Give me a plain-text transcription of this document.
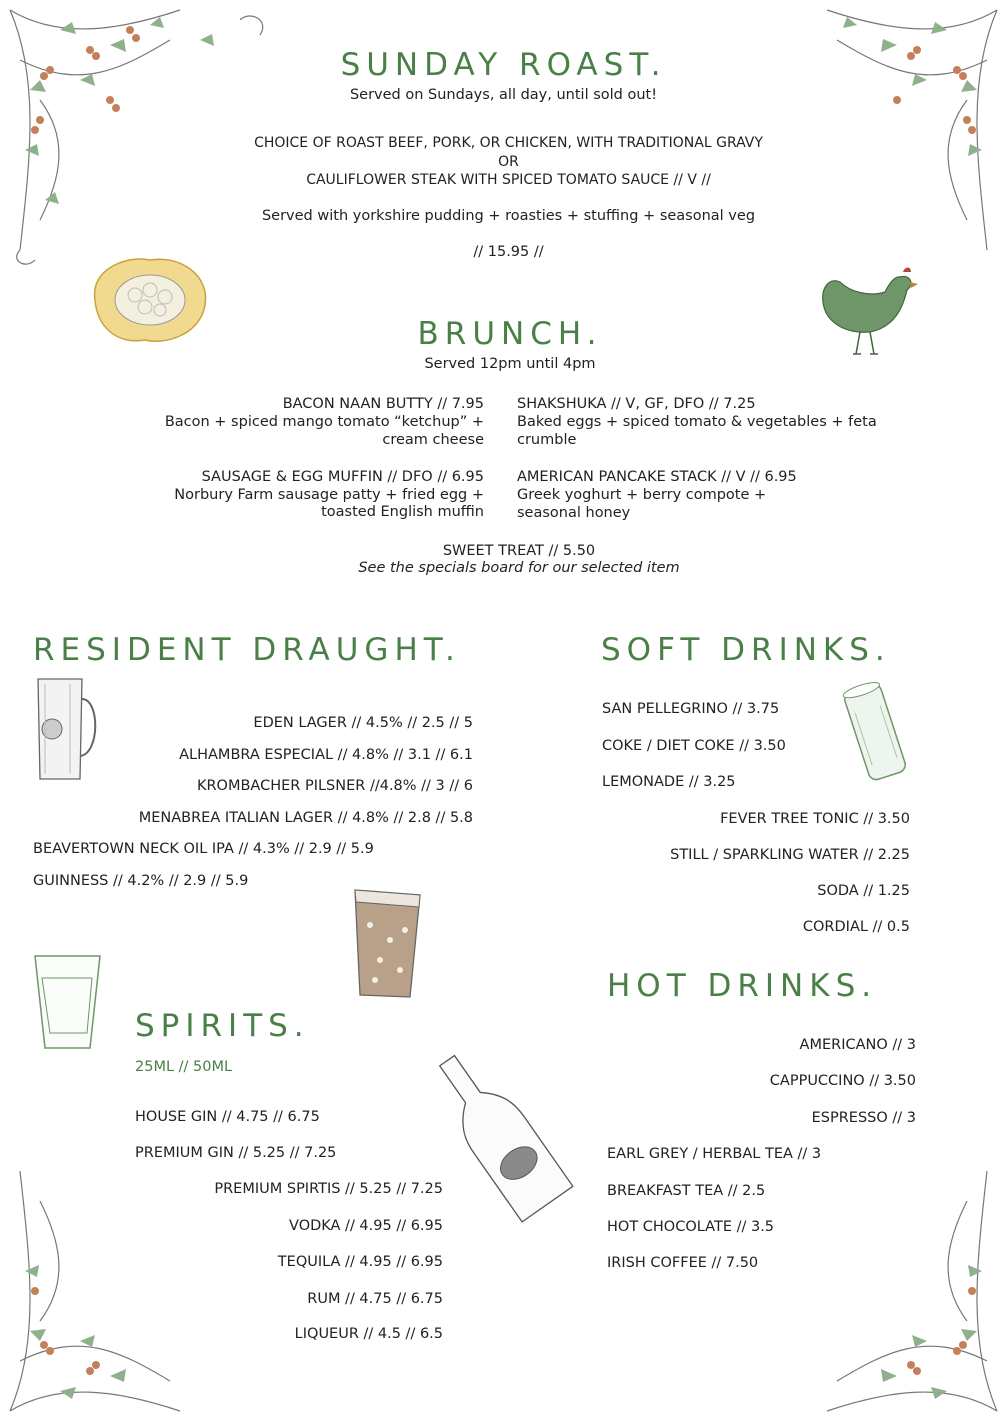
SUNDAY ROAST.
Served on Sundays, all day, until sold out!
CHOICE OF ROAST BEEF, PORK, OR CHICKEN, WITH TRADITIONAL GRAVY
OR
CAULIFLOWER STEAK WITH SPICED TOMATO SAUCE // V //
Served with yorkshire pudding + roasties + stuffing + seasonal veg
// 15.95 //
BRUNCH.
Served 12pm until 4pm
BACON NAAN BUTTY // 7.95
Bacon + spiced mango tomato “ketchup” +
cream cheese
SAUSAGE & EGG MUFFIN // DFO // 6.95
Norbury Farm sausage patty + fried egg +
toasted English muffin
SHAKSHUKA // V, GF, DFO // 7.25
Baked eggs + spiced tomato & vegetables + feta
crumble
AMERICAN PANCAKE STACK // V // 6.95
Greek yoghurt + berry compote +
seasonal honey
SWEET TREAT // 5.50
See the specials board for our selected item
RESIDENT DRAUGHT.
EDEN LAGER // 4.5% // 2.5 // 5
ALHAMBRA ESPECIAL // 4.8% // 3.1 // 6.1
KROMBACHER PILSNER //4.8% // 3 // 6
MENABREA ITALIAN LAGER // 4.8% // 2.8 // 5.8
BEAVERTOWN NECK OIL IPA // 4.3% // 2.9 // 5.9
GUINNESS // 4.2% // 2.9 // 5.9
SOFT DRINKS.
SAN PELLEGRINO // 3.75
COKE / DIET COKE // 3.50
LEMONADE // 3.25
FEVER TREE TONIC // 3.50
STILL / SPARKLING WATER // 2.25
SODA // 1.25
CORDIAL // 0.5
HOT DRINKS.
AMERICANO // 3
CAPPUCCINO // 3.50
ESPRESSO // 3
EARL GREY / HERBAL TEA // 3
BREAKFAST TEA // 2.5
HOT CHOCOLATE // 3.5
IRISH COFFEE // 7.50
SPIRITS.
25ML // 50ML
HOUSE GIN // 4.75 // 6.75
PREMIUM GIN // 5.25 // 7.25
PREMIUM SPIRTIS // 5.25 // 7.25
VODKA // 4.95 // 6.95
TEQUILA // 4.95 // 6.95
RUM // 4.75 // 6.75
LIQUEUR // 4.5 // 6.5
